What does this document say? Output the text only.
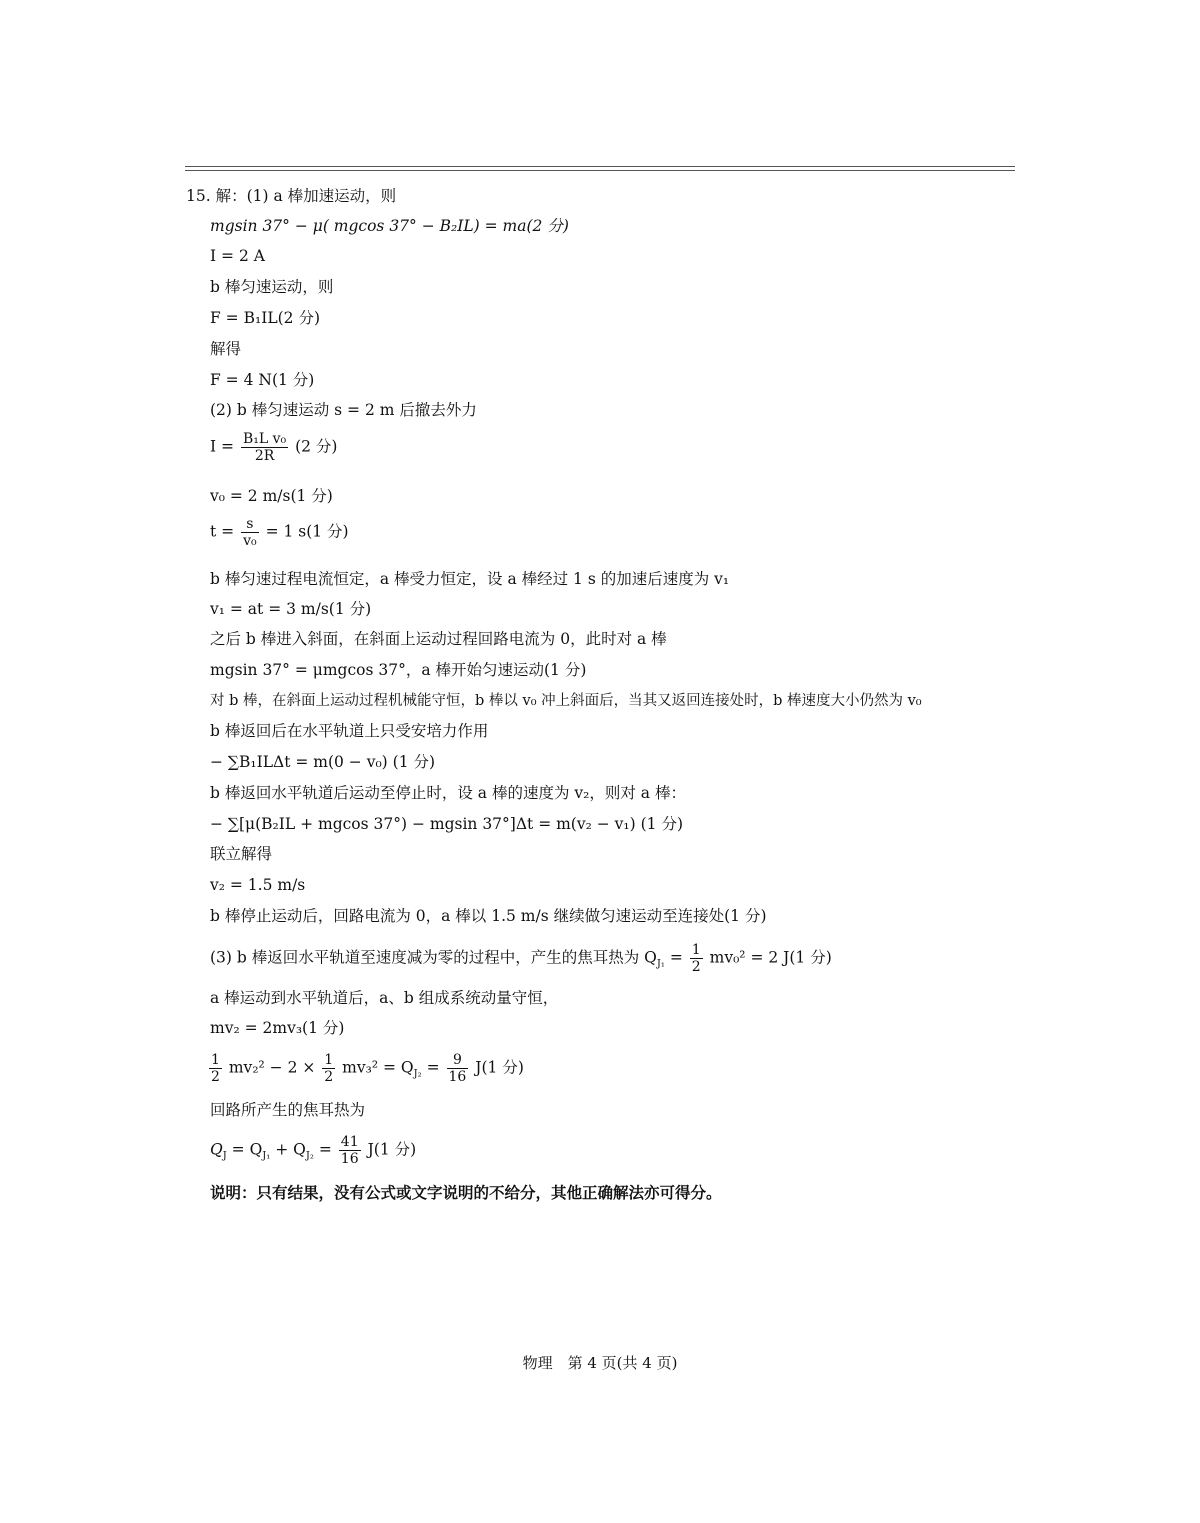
15. 解：(1) a 棒加速运动，则
mgsin 37° − μ( mgcos 37° − B₂IL) = ma(2 分)
I = 2 A
b 棒匀速运动，则
F = B₁IL(2 分)
解得
F = 4 N(1 分)
(2) b 棒匀速运动 s = 2 m 后撤去外力
$I = \frac{\text{B₁L v₀}}{2R} (2$ 分)
v₀ = 2 m/s(1 分)
$t = \frac{s}{\text{v₀}} = 1$ s(1 分)
b 棒匀速过程电流恒定，a 棒受力恒定，设 a 棒经过 1 s 的加速后速度为 v₁
v₁ = at = 3 m/s(1 分)
之后 b 棒进入斜面，在斜面上运动过程回路电流为 0，此时对 a 棒
mgsin 37° = μmgcos 37°，a 棒开始匀速运动(1 分)
对 b 棒，在斜面上运动过程机械能守恒，b 棒以 v₀ 冲上斜面后，当其又返回连接处时，b 棒速度大小仍然为 v₀
b 棒返回后在水平轨道上只受安培力作用
− ∑B₁ILΔt = m(0 − v₀) (1 分)
b 棒返回水平轨道后运动至停止时，设 a 棒的速度为 v₂，则对 a 棒：
− ∑[μ(B₂IL + mgcos 37°) − mgsin 37°]Δt = m(v₂ − v₁) (1 分)
联立解得
v₂ = 1.5 m/s
b 棒停止运动后，回路电流为 0，a 棒以 1.5 m/s 继续做匀速运动至连接处(1 分)
(3) b 棒返回水平轨道至速度减为零的过程中，产生的焦耳热为 $Q_{J_1} = \frac{1}{2} mv_0^2 = 2$ J(1 分)
a 棒运动到水平轨道后，a、b 组成系统动量守恒，
mv₂ = 2mv₃(1 分)
$\frac{1}{2} mv_2^2 - 2 \times \frac{1}{2} mv_3^2 = Q_{J_2} = \frac{9}{16} J(1$ 分)
回路所产生的焦耳热为
$Q_J = Q_{J_1} + Q_{J_2} = \frac{41}{16} J(1$ 分)
说明：只有结果，没有公式或文字说明的不给分，其他正确解法亦可得分。
物理　第 4 页(共 4 页)
